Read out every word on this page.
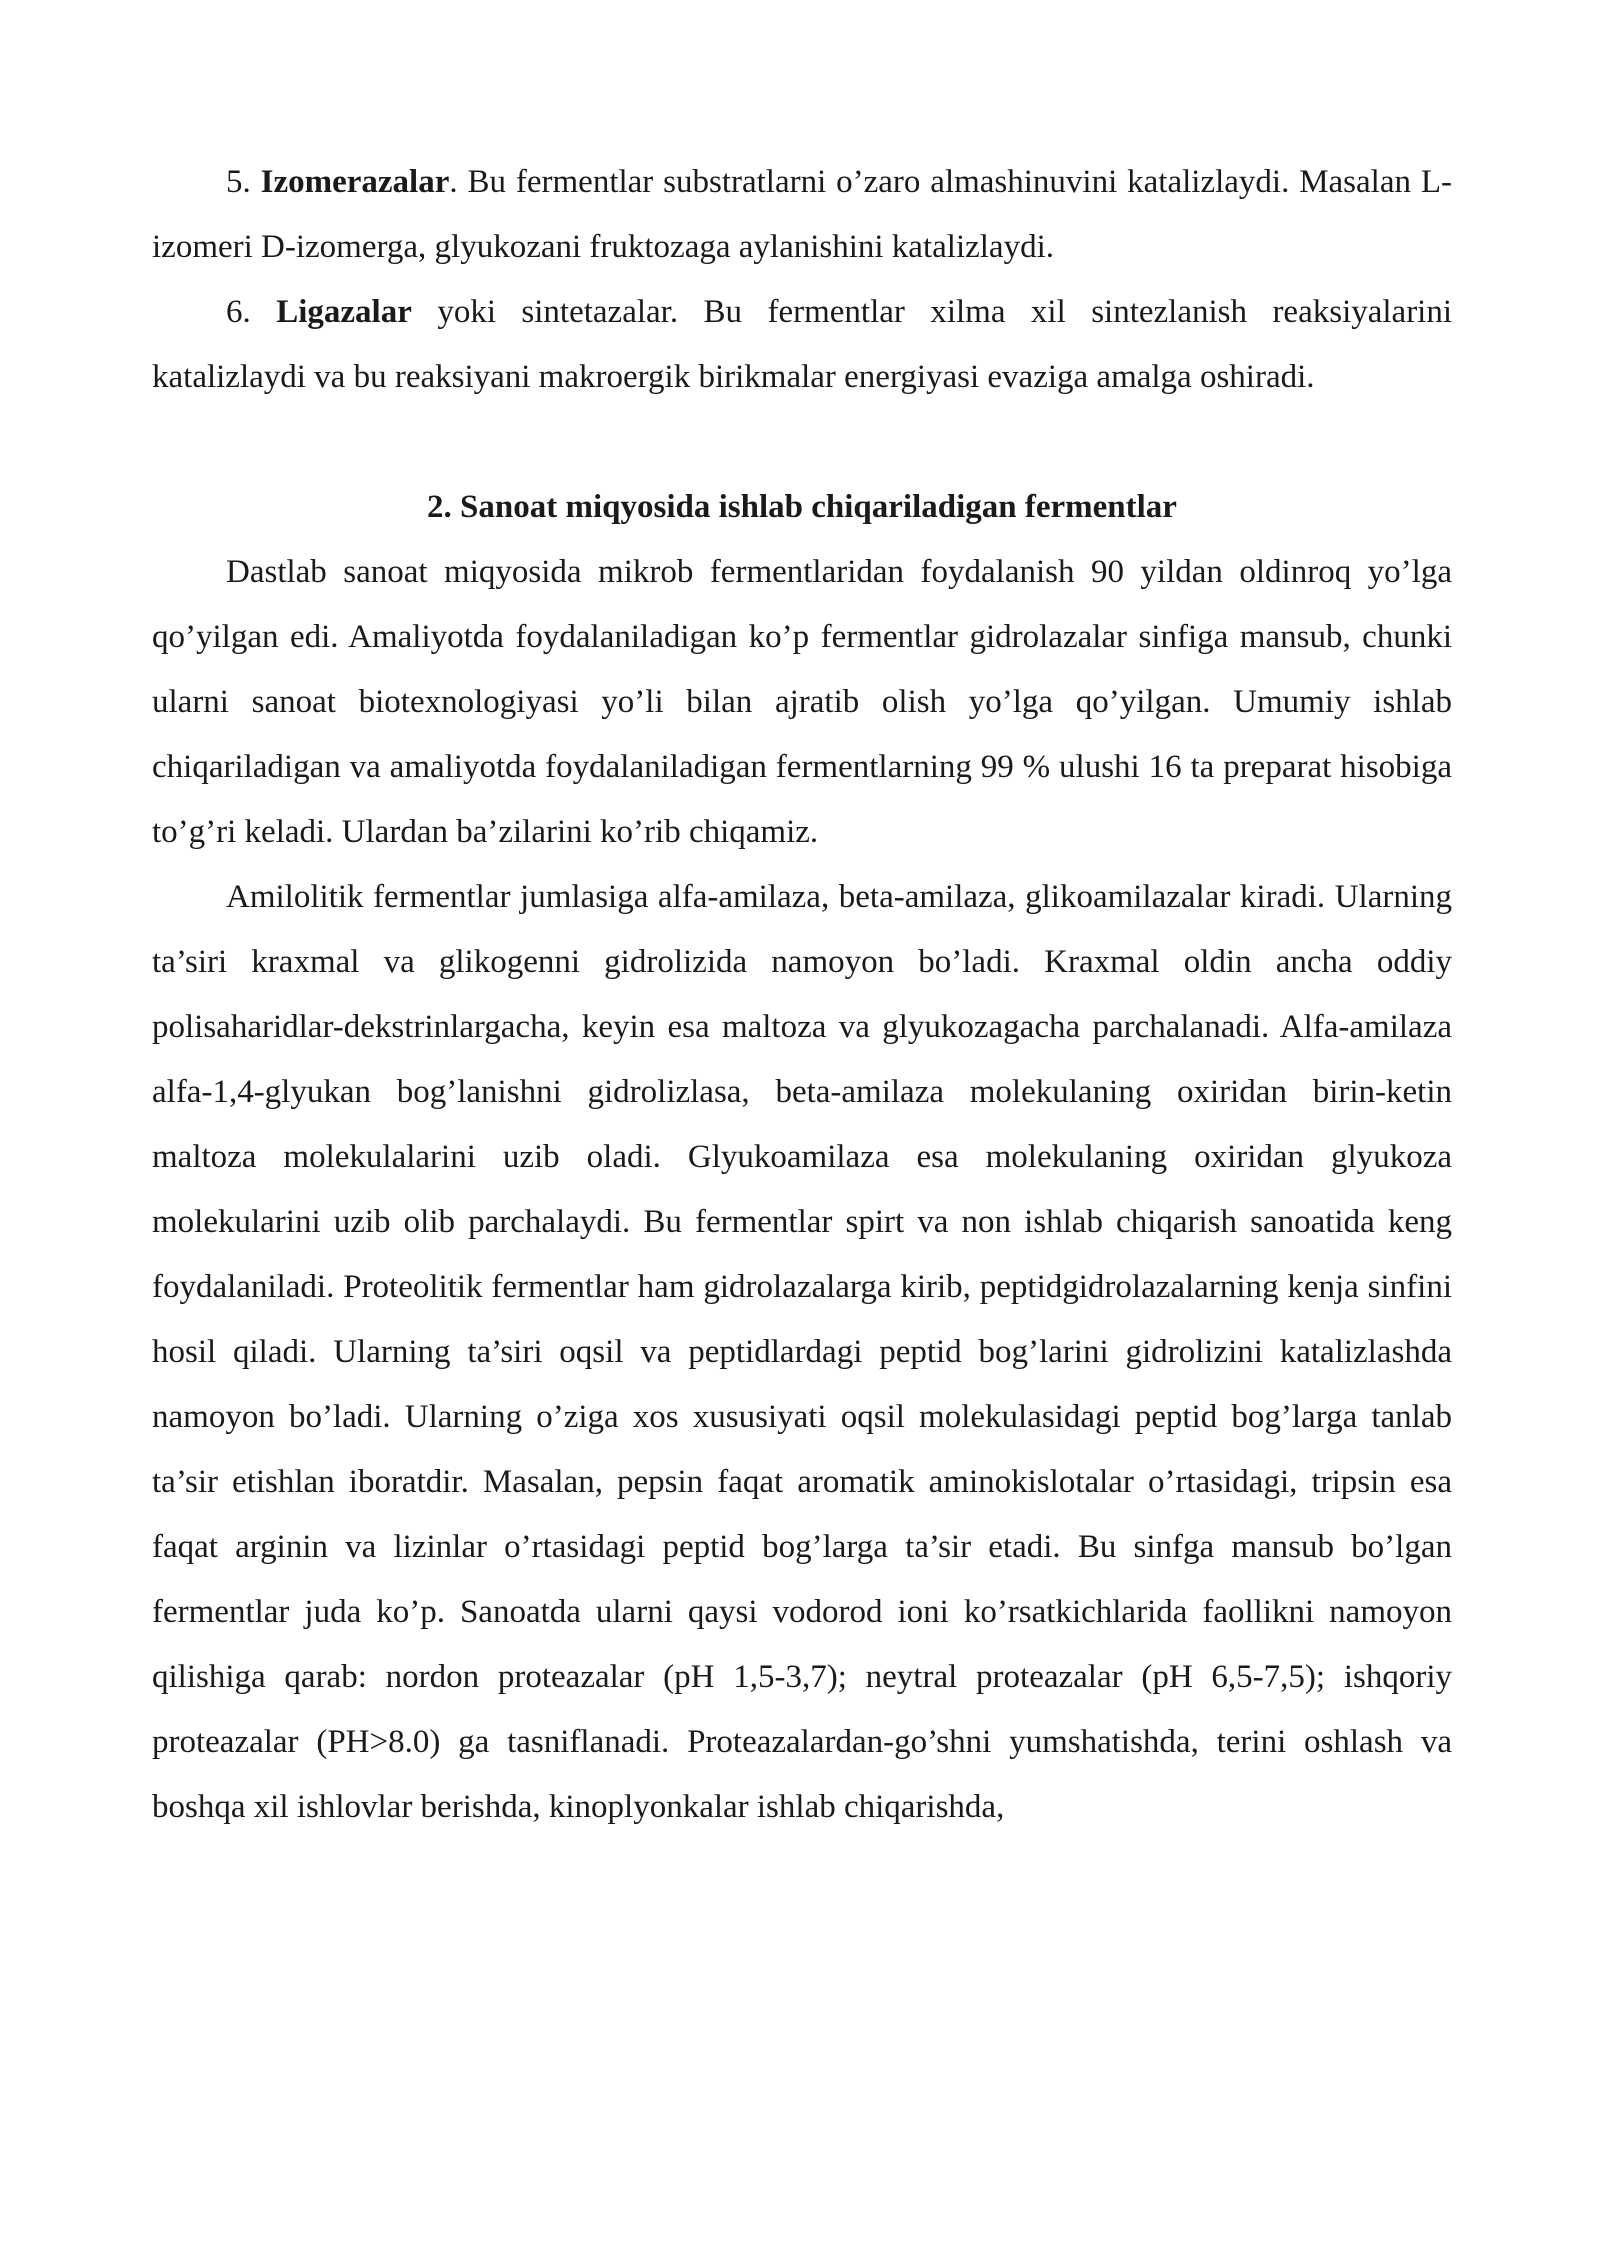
5. Izomerazalar. Bu fermentlar substratlarni o’zaro almashinuvini katalizlaydi. Masalan L-izomeri D-izomerga, glyukozani fruktozaga aylanishini katalizlaydi.

6. Ligazalar yoki sintetazalar. Bu fermentlar xilma xil sintezlanish reaksiyalarini katalizlaydi va bu reaksiyani makroergik birikmalar energiyasi evaziga amalga oshiradi.

2. Sanoat miqyosida ishlab chiqariladigan fermentlar

Dastlab sanoat miqyosida mikrob fermentlaridan foydalanish 90 yildan oldinroq yo’lga qo’yilgan edi. Amaliyotda foydalaniladigan ko’p fermentlar gidrolazalar sinfiga mansub, chunki ularni sanoat biotexnologiyasi yo’li bilan ajratib olish yo’lga qo’yilgan. Umumiy ishlab chiqariladigan va amaliyotda foydalaniladigan fermentlarning 99 % ulushi 16 ta preparat hisobiga to’g’ri keladi. Ulardan ba’zilarini ko’rib chiqamiz.

Amilolitik fermentlar jumlasiga alfa-amilaza, beta-amilaza, glikoamilazalar kiradi. Ularning ta’siri kraxmal va glikogenni gidrolizida namoyon bo’ladi. Kraxmal oldin ancha oddiy polisaharidlar-dekstrinlargacha, keyin esa maltoza va glyukozagacha parchalanadi. Alfa-amilaza alfa-1,4-glyukan bog’lanishni gidrolizlasa, beta-amilaza molekulaning oxiridan birin-ketin maltoza molekulalarini uzib oladi. Glyukoamilaza esa molekulaning oxiridan glyukoza molekularini uzib olib parchalaydi. Bu fermentlar spirt va non ishlab chiqarish sanoatida keng foydalaniladi. Proteolitik fermentlar ham gidrolazalarga kirib, peptidgidrolazalarning kenja sinfini hosil qiladi. Ularning ta’siri oqsil va peptidlardagi peptid bog’larini gidrolizini katalizlashda namoyon bo’ladi. Ularning o’ziga xos xususiyati oqsil molekulasidagi peptid bog’larga tanlab ta’sir etishlan iboratdir. Masalan, pepsin faqat aromatik aminokislotalar o’rtasidagi, tripsin esa faqat arginin va lizinlar o’rtasidagi peptid bog’larga ta’sir etadi. Bu sinfga mansub bo’lgan fermentlar juda ko’p. Sanoatda ularni qaysi vodorod ioni ko’rsatkichlarida faollikni namoyon qilishiga qarab: nordon proteazalar (pH 1,5-3,7); neytral proteazalar (pH 6,5-7,5); ishqoriy proteazalar (PH>8.0) ga tasniflanadi. Proteazalardan-go’shni yumshatishda, terini oshlash va boshqa xil ishlovlar berishda, kinoplyonkalar ishlab chiqarishda,
